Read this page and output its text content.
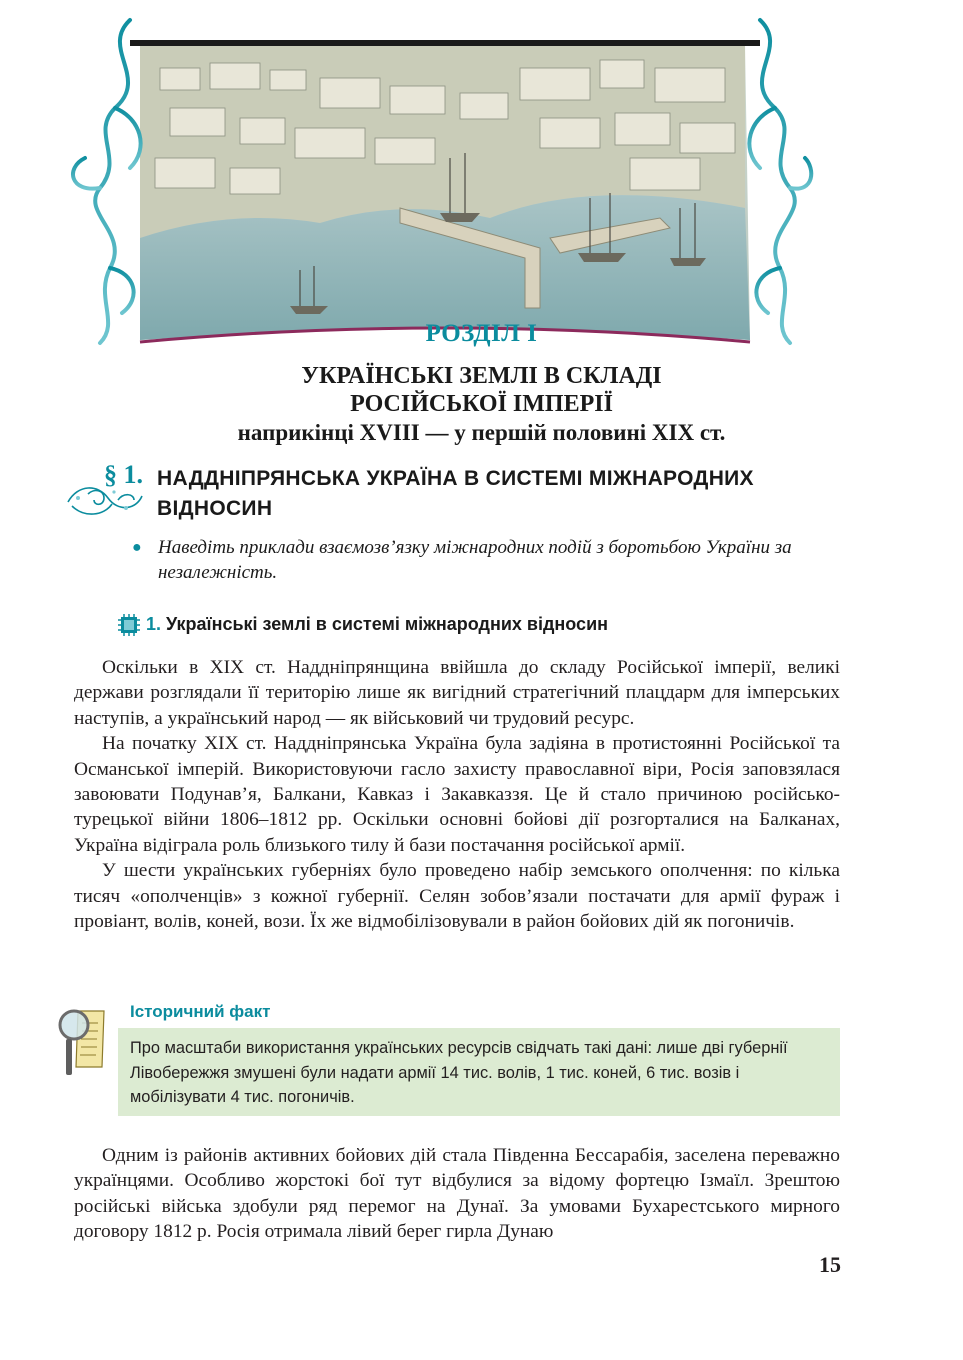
РОЗДІЛ І
УКРАЇНСЬКІ ЗЕМЛІ В СКЛАДІ
РОСІЙСЬКОЇ ІМПЕРІЇ
наприкінці XVIII — у першій половині XIX ст.
§ 1. НАДДНІПРЯНСЬКА УКРАЇНА В СИСТЕМІ МІЖНАРОДНИХ ВІДНОСИН
● Наведіть приклади взаємозв’язку міжнародних подій з боротьбою України за незалежність.
1. Українські землі в системі міжнародних відносин

Оскільки в XIX ст. Наддніпрянщина ввійшла до складу Російської імперії, великі держави розглядали її територію лише як вигідний стратегічний плацдарм для імперських наступів, а український народ — як військовий чи трудовий ресурс.

На початку XIX ст. Наддніпрянська Україна була задіяна в протистоянні Російської та Османської імперій. Використовуючи гасло захисту православної віри, Росія заповзялася завоювати Подунав’я, Балкани, Кавказ і Закавказзя. Це й стало причиною російсько-турецької війни 1806–1812 рр. Оскільки основні бойові дії розгорталися на Балканах, Україна відіграла роль близького тилу й бази постачання російської армії.

У шести українських губерніях було проведено набір земського ополчення: по кілька тисяч «ополченців» з кожної губернії. Селян зобов’язали постачати для армії фураж і провіант, волів, коней, вози. Їх же відмобілізовували в район бойових дій як погоничів.

Історичний факт
Про масштаби використання українських ресурсів свідчать такі дані: лише дві губернії Лівобережжя змушені були надати армії 14 тис. волів, 1 тис. коней, 6 тис. возів і мобілізувати 4 тис. погоничів.

Одним із районів активних бойових дій стала Південна Бессарабія, заселена переважно українцями. Особливо жорстокі бої тут відбулися за відому фортецю Ізмаїл. Зрештою російські війська здобули ряд перемог на Дунаї. За умовами Бухарестського мирного договору 1812 р. Росія отримала лівий берег гирла Дунаю

15
